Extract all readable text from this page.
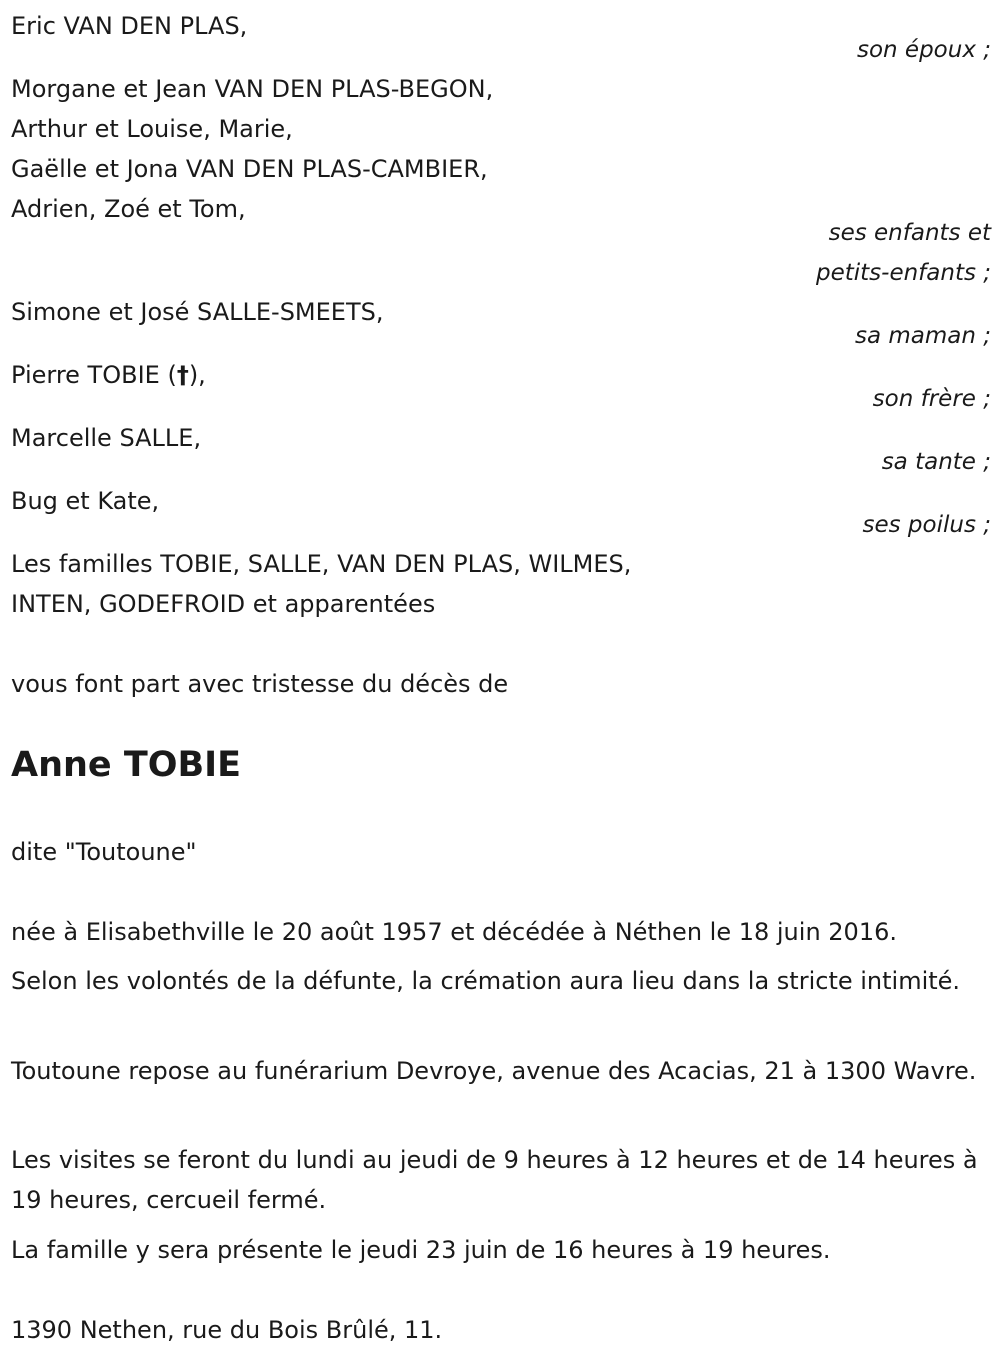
Eric VAN DEN PLAS,
son époux ;
Morgane et Jean VAN DEN PLAS-BEGON,
Arthur et Louise, Marie,
Gaëlle et Jona VAN DEN PLAS-CAMBIER,
Adrien, Zoé et Tom,
ses enfants et
petits-enfants ;
Simone et José SALLE-SMEETS,
sa maman ;
Pierre TOBIE (†),
son frère ;
Marcelle SALLE,
sa tante ;
Bug et Kate,
ses poilus ;
Les familles TOBIE, SALLE, VAN DEN PLAS, WILMES,
INTEN, GODEFROID et apparentées
vous font part avec tristesse du décès de
Anne TOBIE
dite "Toutoune"
née à Elisabethville le 20 août 1957 et décédée à Néthen le 18 juin 2016.
Selon les volontés de la défunte, la crémation aura lieu dans la stricte intimité.
Toutoune repose au funérarium Devroye, avenue des Acacias, 21 à 1300 Wavre.
Les visites se feront du lundi au jeudi de 9 heures à 12 heures et de 14 heures à 19 heures, cercueil fermé.
La famille y sera présente le jeudi 23 juin de 16 heures à 19 heures.
1390 Nethen, rue du Bois Brûlé, 11.
